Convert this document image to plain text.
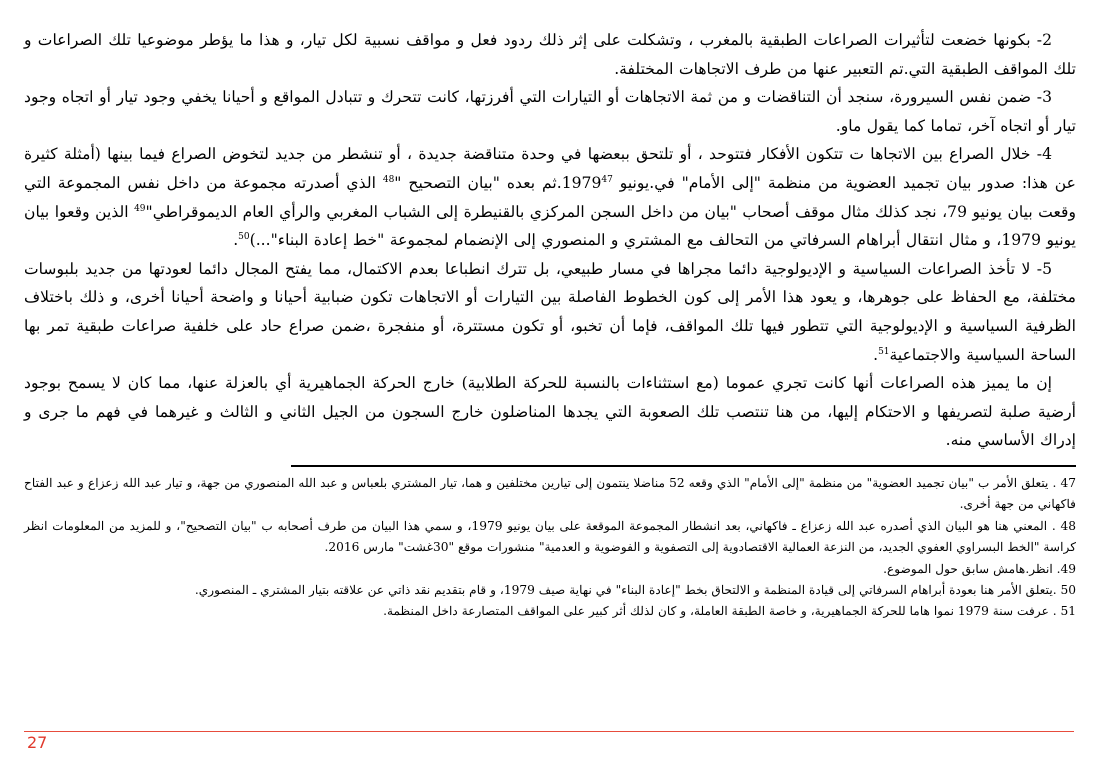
2- بكونها خضعت لتأثيرات الصراعات الطبقية بالمغرب ، وتشكلت على إثر ذلك ردود فعل و مواقف نسبية لكل تيار، و هذا ما يؤطر موضوعيا تلك الصراعات و تلك المواقف الطبقية التي.تم التعبير عنها من طرف الاتجاهات المختلفة.

3- ضمن نفس السيرورة، سنجد أن التناقضات و من ثمة الاتجاهات أو التيارات التي أفرزتها، كانت تتحرك و تتبادل المواقع و أحيانا يخفي وجود تيار أو اتجاه وجود تيار أو اتجاه آخر، تماما كما يقول ماو.

4- خلال الصراع بين الاتجاها ت تتكون الأفكار فتتوحد ، أو تلتحق ببعضها في وحدة متناقضة جديدة ، أو تنشطر من جديد لتخوض الصراع فيما بينها (أمثلة كثيرة عن هذا: صدور بيان تجميد العضوية من منظمة "إلى الأمام" في.يونيو 1979$^{47}$.ثم بعده "بيان التصحيح "$^{48}$ الذي أصدرته مجموعة من داخل نفس المجموعة التي وقعت بيان يونيو 79، نجد كذلك مثال موقف أصحاب "بيان من داخل السجن المركزي بالقنيطرة إلى الشباب المغربي والرأي العام الديموقراطي"$^{49}$ الذين وقعوا بيان يونيو 1979، و مثال انتقال أبراهام السرفاتي من التحالف مع المشتري و المنصوري إلى الإنضمام لمجموعة "خط إعادة البناء"...)$^{50}$.

5- لا تأخذ الصراعات السياسية و الإديولوجية دائما مجراها في مسار طبيعي، بل تترك انطباعا بعدم الاكتمال، مما يفتح المجال دائما لعودتها من جديد بلبوسات مختلفة، مع الحفاظ على جوهرها، و يعود هذا الأمر إلى كون الخطوط الفاصلة بين التيارات أو الاتجاهات تكون ضبابية أحيانا و واضحة أحيانا أخرى، و ذلك باختلاف الظرفية السياسية و الإديولوجية التي تتطور فيها تلك المواقف، فإما أن تخبو، أو تكون مستترة، أو منفجرة ،ضمن صراع حاد على خلفية صراعات طبقية تمر بها الساحة السياسية والاجتماعية$^{51}$.

إن ما يميز هذه الصراعات أنها كانت تجري عموما (مع استثناءات بالنسبة للحركة الطلابية) خارج الحركة الجماهيرية أي بالعزلة عنها، مما كان لا يسمح بوجود أرضية صلبة لتصريفها و الاحتكام إليها، من هنا تنتصب تلك الصعوبة التي يجدها المناضلون خارج السجون من الجيل الثاني و الثالث و غيرهما في فهم ما جرى و إدراك الأساسي منه.

47 . يتعلق الأمر ب "بيان تجميد العضوية" من منظمة "إلى الأمام" الذي وقعه 52 مناضلا ينتمون إلى تيارين مختلفين و هما، تيار المشتري بلعباس و عبد الله المنصوري من جهة، و تيار عبد الله زعزاع و عبد الفتاح فاكهاني من جهة أخرى.

48 . المعني هنا هو البيان الذي أصدره عبد الله زعزاع ـ فاكهاني، بعد انشطار المجموعة الموقعة على بيان يونيو 1979، و سمي هذا البيان من طرف أصحابه ب "بيان التصحيح"، و للمزيد من المعلومات انظر كراسة "الخط البسراوي العفوي الجديد، من النزعة العمالية الاقتصادوية إلى التصفوية و الفوضوية و العدمية" منشورات موقع "30غشت" مارس 2016.

49. انظر.هامش سابق حول الموضوع.

50 .يتعلق الأمر هنا بعودة أبراهام السرفاتي إلى قيادة المنظمة و الالتحاق بخط "إعادة البناء" في نهاية صيف 1979، و قام بتقديم نقد ذاتي عن علاقته بتيار المشتري ـ المنصوري.

51 . عرفت سنة 1979 نموا هاما للحركة الجماهيرية، و خاصة الطبقة العاملة، و كان لذلك أثر كبير على المواقف المتصارعة داخل المنظمة.

27
